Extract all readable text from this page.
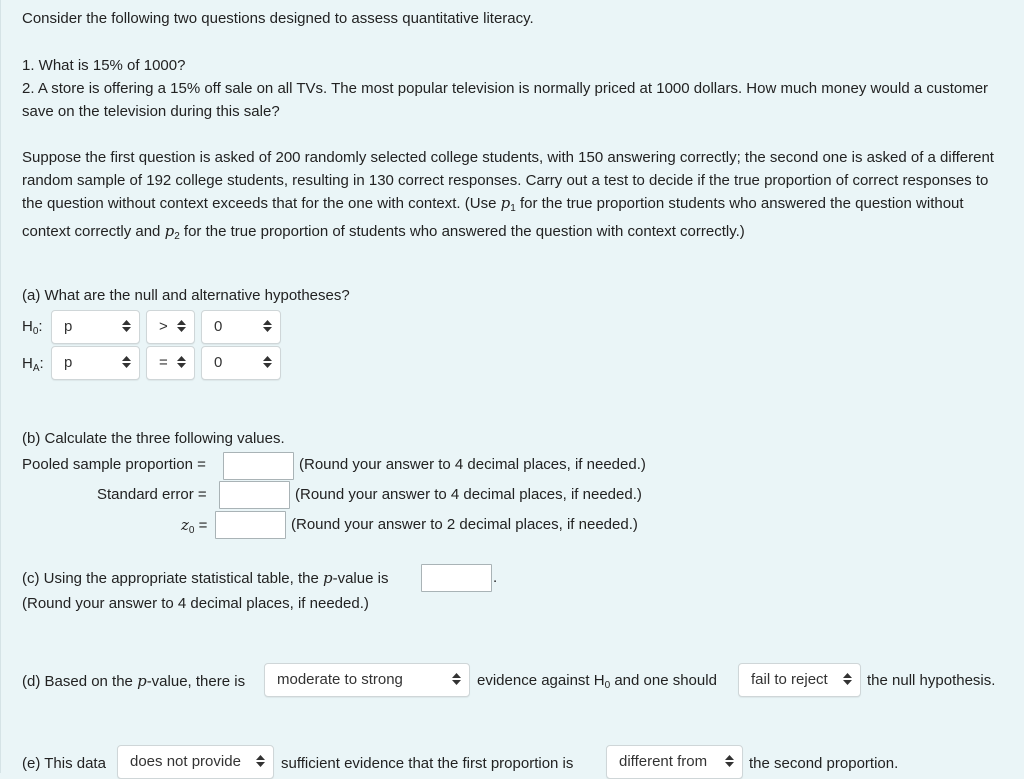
Consider the following two questions designed to assess quantitative literacy.
1. What is 15% of 1000?
2. A store is offering a 15% off sale on all TVs. The most popular television is normally priced at 1000 dollars. How much money would a customer save on the television during this sale?
Suppose the first question is asked of 200 randomly selected college students, with 150 answering correctly; the second one is asked of a different random sample of 192 college students, resulting in 130 correct responses. Carry out a test to decide if the true proportion of correct responses to the question without context exceeds that for the one with context. (Use $p_1$ for the true proportion students who answered the question without context correctly and $p_2$ for the true proportion of students who answered the question with context correctly.)
(a) What are the null and alternative hypotheses?
$H_0$:	p	>	0
$H_A$:	p	=	0
(b) Calculate the three following values.
Pooled sample proportion =	(Round your answer to 4 decimal places, if needed.)
Standard error =	(Round your answer to 4 decimal places, if needed.)
$z_0$ =	(Round your answer to 2 decimal places, if needed.)
(c) Using the appropriate statistical table, the p-value is	.
(Round your answer to 4 decimal places, if needed.)
(d) Based on the p-value, there is	moderate to strong	evidence against $H_0$ and one should	fail to reject	the null hypothesis.
(e) This data	does not provide	sufficient evidence that the first proportion is	different from	the second proportion.
